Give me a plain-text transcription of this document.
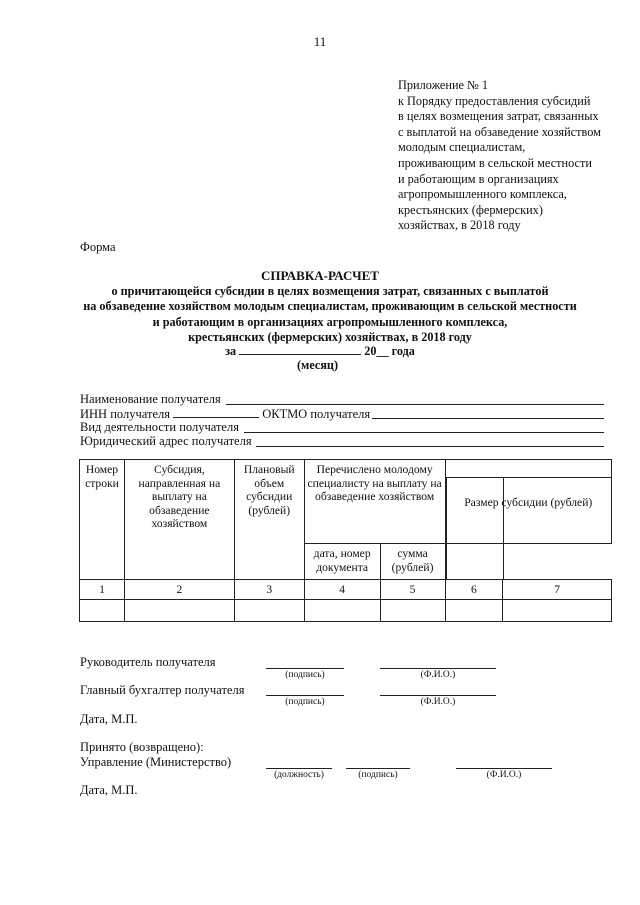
11
Приложение № 1
к Порядку предоставления субсидий
в целях возмещения затрат, связанных
с выплатой на обзаведение хозяйством
молодым специалистам,
проживающим в сельской местности
и работающим в организациях
агропромышленного комплекса,
крестьянских (фермерских)
хозяйствах, в 2018 году
Форма
СПРАВКА-РАСЧЕТ
о причитающейся субсидии в целях возмещения затрат, связанных с выплатой
на обзаведение хозяйством молодым специалистам, проживающим в сельской местности
и работающим в организациях агропромышленного комплекса,
крестьянских (фермерских) хозяйствах, в 2018 году
за	20__ года
(месяц)
Наименование получателя
ИНН получателя	ОКТМО получателя
Вид деятельности получателя
Юридический адрес получателя
Номер строки	Субсидия, направленная на выплату на обзаведение хозяйством	Плановый объем субсидии (рублей)	Перечислено молодому специалисту на выплату на обзаведение хозяйством		Размер субсидии (рублей)	
			дата, номер документа	сумма (рублей)		
1	2	3	4	5	6	7

Руководитель получателя
(подпись)	(Ф.И.О.)
Главный бухгалтер получателя
(подпись)	(Ф.И.О.)
Дата, М.П.
Принято (возвращено):
Управление (Министерство)
(должность)	(подпись)	(Ф.И.О.)
Дата, М.П.
